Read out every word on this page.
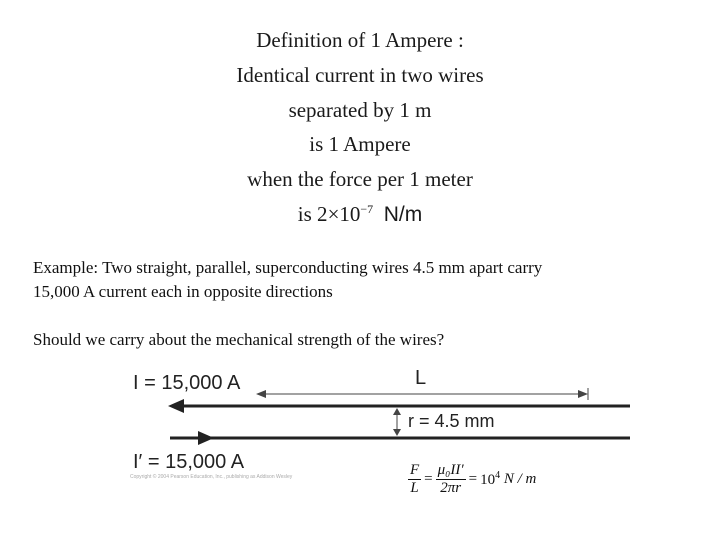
Definition of 1 Ampere :
Identical current in two wires
separated by 1 m
is 1 Ampere
when the force per 1 meter
is $2\times 10^{-7}$ N/m
Example: Two straight, parallel, superconducting wires 4.5 mm apart carry
15,000 A current each in opposite directions
Should we carry about the mechanical strength of the wires?
I = 15,000 A
I′ = 15,000 A
L
r = 4.5 mm
Copyright © 2004 Pearson Education, Inc., publishing as Addison Wesley	$\frac{F}{L} = \frac{\text{μ₀II′}}{2\pi r} = 10^4$ N / m
